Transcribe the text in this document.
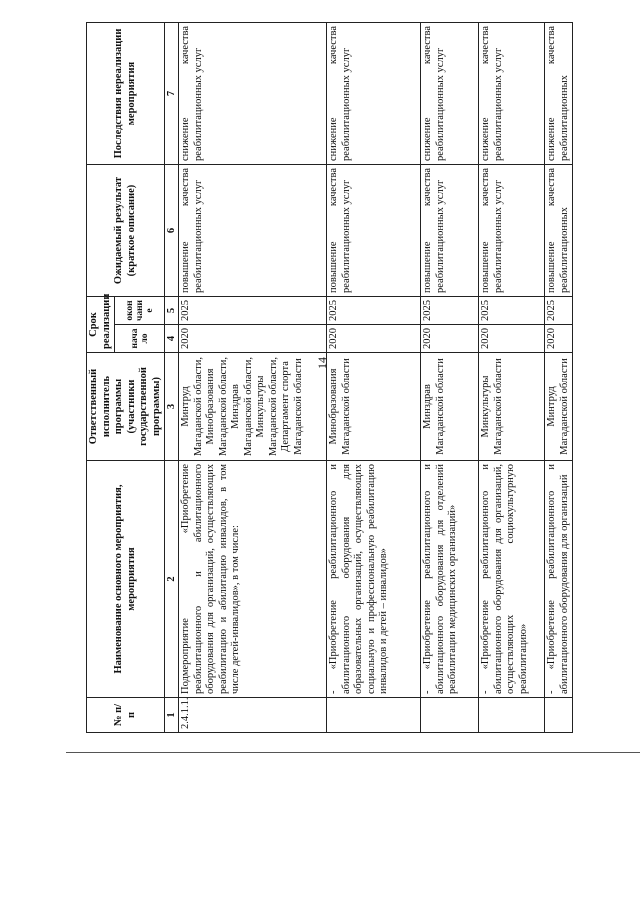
14
№ п/п	Наименование основного мероприятия, мероприятия	Ответственный исполнитель программы (участники государственной программы)	Срок реализации		Ожидаемый результат (краткое описание)	Последствия нереализации мероприятия
			нача ло	окон чани е		
1	2	3	4	5	6	7
2.4.1.1.	Подмероприятие «Приобретение реабилитационного и абилитационного оборудования для организаций, осуществляющих реабилитацию и абилитацию инвалидов, в том числе детей-инвалидов», в том числе:	Минтруд Магаданской области, Минобразования Магаданской области, Минздрав Магаданской области, Минкультуры Магаданской области, Департамент спорта Магаданской области	2020	2025	повышение качества реабилитационных услуг	снижение качества реабилитационных услуг
	- «Приобретение реабилитационного и абилитационного оборудования для образовательных организаций, осуществляющих социальную и профессиональную реабилитацию инвалидов и детей – инвалидов»	Минобразования Магаданской области	2020	2025	повышение качества реабилитационных услуг	снижение качества реабилитационных услуг
	- «Приобретение реабилитационного и абилитационного оборудования для отделений реабилитации медицинских организаций»	Минздрав Магаданской области	2020	2025	повышение качества реабилитационных услуг	снижение качества реабилитационных услуг
	- «Приобретение реабилитационного и абилитационного оборудования для организаций, осуществляющих социокультурную реабилитацию»	Минкультуры Магаданской области	2020	2025	повышение качества реабилитационных услуг	снижение качества реабилитационных услуг
	- «Приобретение реабилитационного и абилитационного оборудования для организаций	Минтруд Магаданской области	2020	2025	повышение качества реабилитационных	снижение качества реабилитационных
